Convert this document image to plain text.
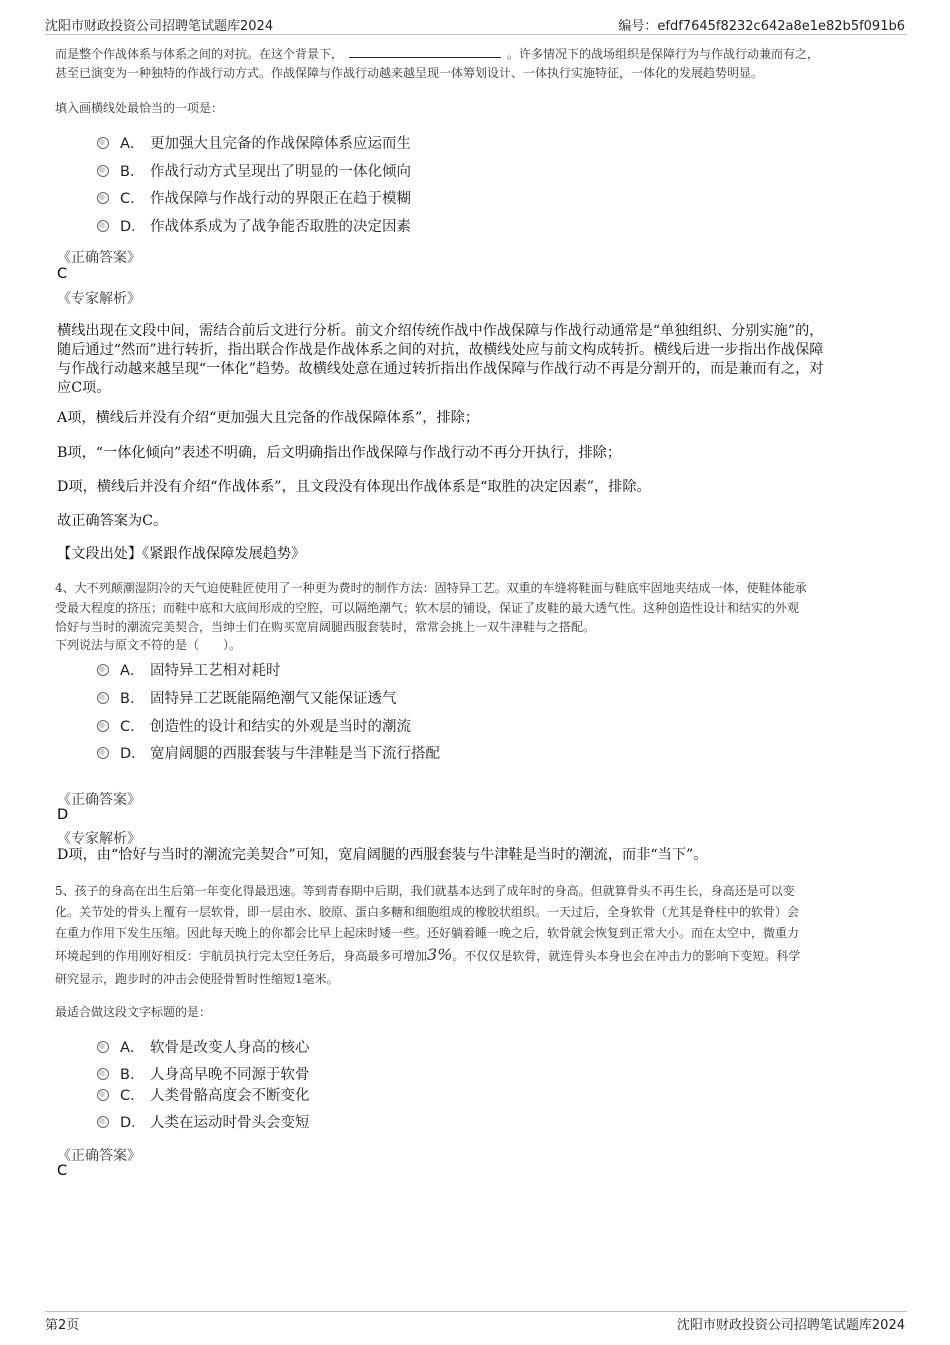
沈阳市财政投资公司招聘笔试题库2024	编号：efdf7645f8232c642a8e1e82b5f091b6
而是整个作战体系与体系之间的对抗。在这个背景下，	。许多情况下的战场组织是保障行为与作战行动兼而有之，
甚至已演变为一种独特的作战行动方式。作战保障与作战行动越来越呈现一体筹划设计、一体执行实施特征，一体化的发展趋势明显。
填入画横线处最恰当的一项是：
A． 更加强大且完备的作战保障体系应运而生
B． 作战行动方式呈现出了明显的一体化倾向
C． 作战保障与作战行动的界限正在趋于模糊
D． 作战体系成为了战争能否取胜的决定因素
《正确答案》
C
《专家解析》
横线出现在文段中间，需结合前后文进行分析。前文介绍传统作战中作战保障与作战行动通常是“单独组织、分别实施”的，
随后通过“然而”进行转折，指出联合作战是作战体系之间的对抗，故横线处应与前文构成转折。横线后进一步指出作战保障
与作战行动越来越呈现“一体化”趋势。故横线处意在通过转折指出作战保障与作战行动不再是分割开的，而是兼而有之，对
应C项。
A项，横线后并没有介绍“更加强大且完备的作战保障体系”，排除；
B项，“一体化倾向”表述不明确，后文明确指出作战保障与作战行动不再分开执行，排除；
D项，横线后并没有介绍“作战体系”，且文段没有体现出作战体系是“取胜的决定因素”，排除。
故正确答案为C。
【文段出处】《紧跟作战保障发展趋势》
4、大不列颠潮湿阴冷的天气迫使鞋匠使用了一种更为费时的制作方法：固特异工艺。双重的车缝将鞋面与鞋底牢固地夹结成一体，使鞋体能承
受最大程度的挤压；而鞋中底和大底间形成的空腔，可以隔绝潮气；软木层的铺设，保证了皮鞋的最大透气性。这种创造性设计和结实的外观
恰好与当时的潮流完美契合，当绅士们在购买宽肩阔腿西服套装时，常常会挑上一双牛津鞋与之搭配。
下列说法与原文不符的是（　　）。
A． 固特异工艺相对耗时
B． 固特异工艺既能隔绝潮气又能保证透气
C． 创造性的设计和结实的外观是当时的潮流
D． 宽肩阔腿的西服套装与牛津鞋是当下流行搭配
《正确答案》
D
《专家解析》
D项，由“恰好与当时的潮流完美契合”可知，宽肩阔腿的西服套装与牛津鞋是当时的潮流，而非“当下”。
5、孩子的身高在出生后第一年变化得最迅速。等到青春期中后期，我们就基本达到了成年时的身高。但就算骨头不再生长，身高还是可以变
化。关节处的骨头上覆有一层软骨，即一层由水、胶原、蛋白多糖和细胞组成的橡胶状组织。一天过后，全身软骨（尤其是脊柱中的软骨）会
在重力作用下发生压缩。因此每天晚上的你都会比早上起床时矮一些。还好躺着睡一晚之后，软骨就会恢复到正常大小。而在太空中，微重力
环境起到的作用刚好相反：宇航员执行完太空任务后，身高最多可增加3%。不仅仅是软骨，就连骨头本身也会在冲击力的影响下变短。科学
研究显示，跑步时的冲击会使胫骨暂时性缩短1毫米。
最适合做这段文字标题的是：
A． 软骨是改变人身高的核心
B． 人身高早晚不同源于软骨
C． 人类骨骼高度会不断变化
D． 人类在运动时骨头会变短
《正确答案》
C
第2页	沈阳市财政投资公司招聘笔试题库2024
